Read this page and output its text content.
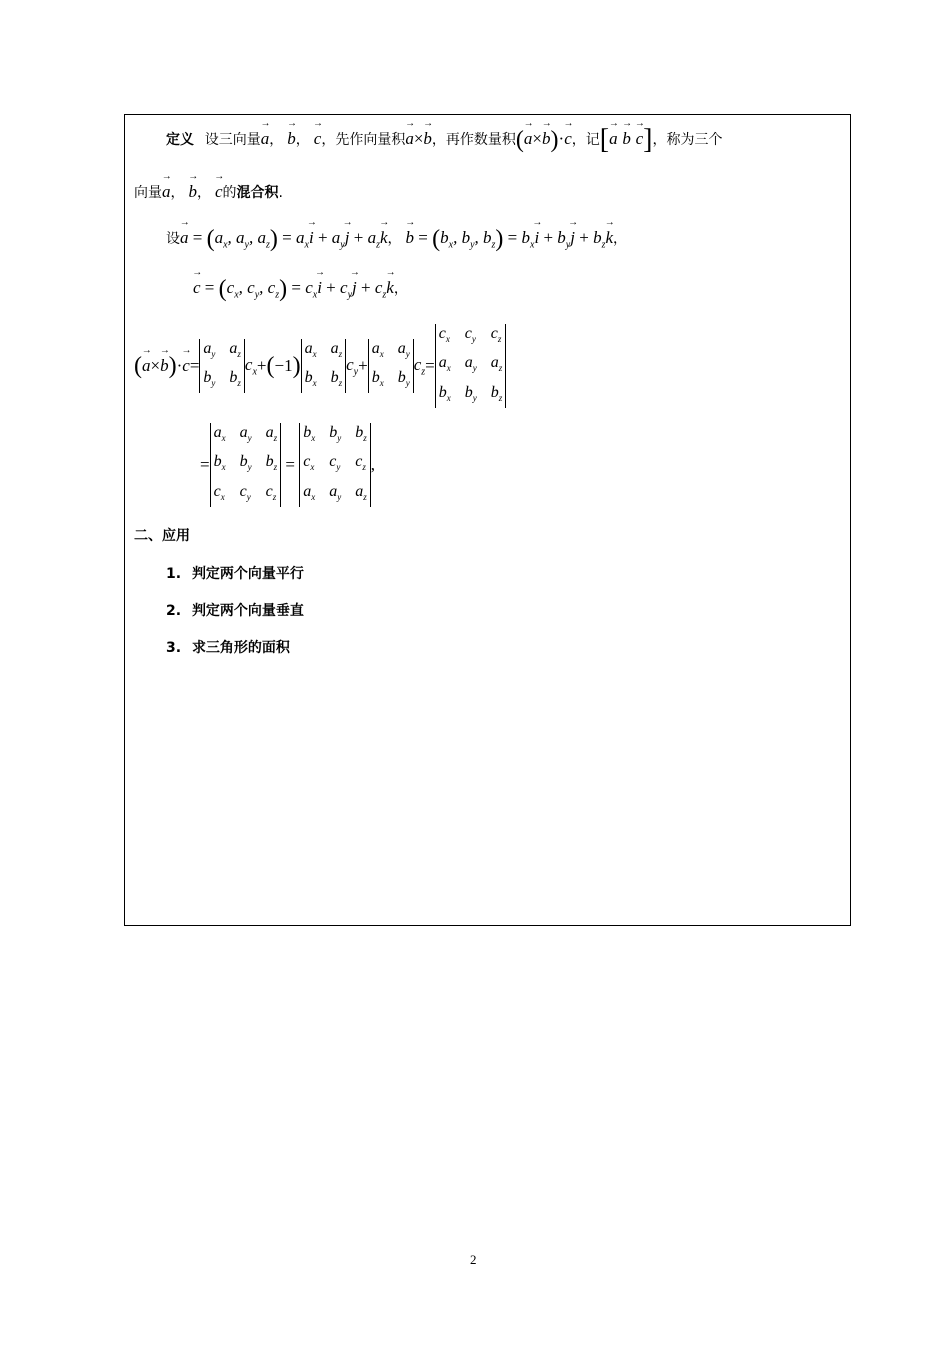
定义 设三向量→ a， → b， → c，先作向量积→ a×→ b，再作数量积(→ a×→ b)·→ c，记[→ a → b → c]，称为三个
向量→ a， → b， → c的混合积.
设→ $a = (a_x$, $a_y$, $a_z) = a_x\to i + a_y\to j + a_z\to k$， → $b = (b_x$, $b_y$, $b_z) = b_x\to i + b_y\to j + b_z\to k$，
→ $c = (c_x$, $c_y$, $c_z) = c_x\to i + c_y\to j + c_z\to k$，
( → a × → b ) · → c =
$a_y$ $a_z$
$b_y$ $b_z$
$c_x$ + ( −1 )
$a_x$ $a_z$
$b_x$ $b_z$
$c_y$ +
$a_x$ $a_y$
$b_x$ $b_y$
$c_z$ =
$c_x$ $c_y$ $c_z$
$a_x$ $a_y$ $a_z$
$b_x$ $b_y$ $b_z$
=
$a_x$ $a_y$ $a_z$
$b_x$ $b_y$ $b_z$
$c_x$ $c_y$ $c_z$
=
$b_x$ $b_y$ $b_z$
$c_x$ $c_y$ $c_z$
$a_x$ $a_y$ $a_z$
,
二、应用
1. 判定两个向量平行
2. 判定两个向量垂直
3. 求三角形的面积
2
